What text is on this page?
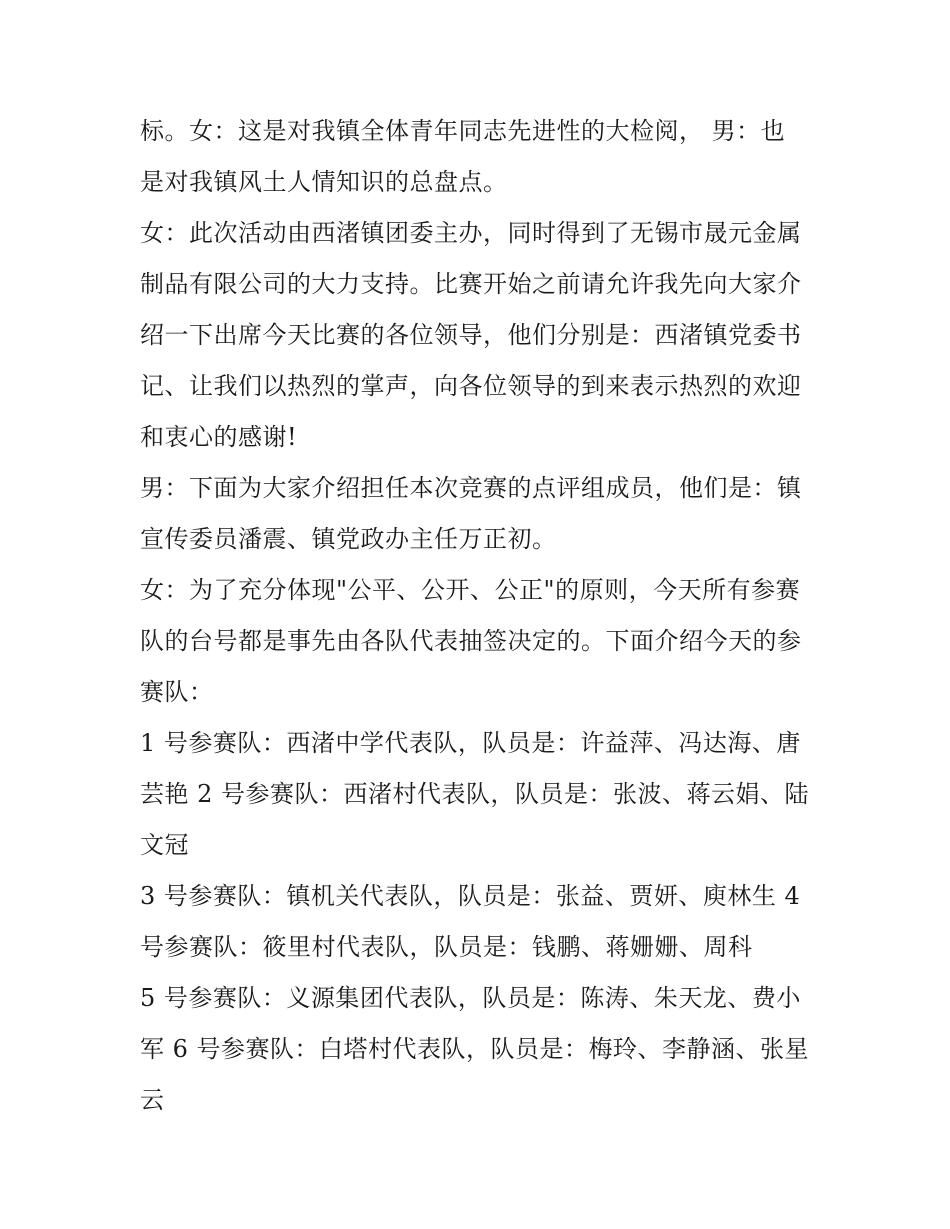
标。女：这是对我镇全体青年同志先进性的大检阅， 男：也
是对我镇风土人情知识的总盘点。

女：此次活动由西渚镇团委主办，同时得到了无锡市晟元金属
制品有限公司的大力支持。比赛开始之前请允许我先向大家介
绍一下出席今天比赛的各位领导，他们分别是：西渚镇党委书
记、让我们以热烈的掌声，向各位领导的到来表示热烈的欢迎
和衷心的感谢!

男：下面为大家介绍担任本次竞赛的点评组成员，他们是：镇
宣传委员潘震、镇党政办主任万正初。

女：为了充分体现"公平、公开、公正"的原则，今天所有参赛
队的台号都是事先由各队代表抽签决定的。下面介绍今天的参
赛队：

1 号参赛队：西渚中学代表队，队员是：许益萍、冯达海、唐
芸艳 2 号参赛队：西渚村代表队，队员是：张波、蒋云娟、陆
文冠

3 号参赛队：镇机关代表队，队员是：张益、贾妍、庾林生 4
号参赛队：筱里村代表队，队员是：钱鹏、蒋姗姗、周科

5 号参赛队：义源集团代表队，队员是：陈涛、朱天龙、费小
军 6 号参赛队：白塔村代表队，队员是：梅玲、李静涵、张星
云
